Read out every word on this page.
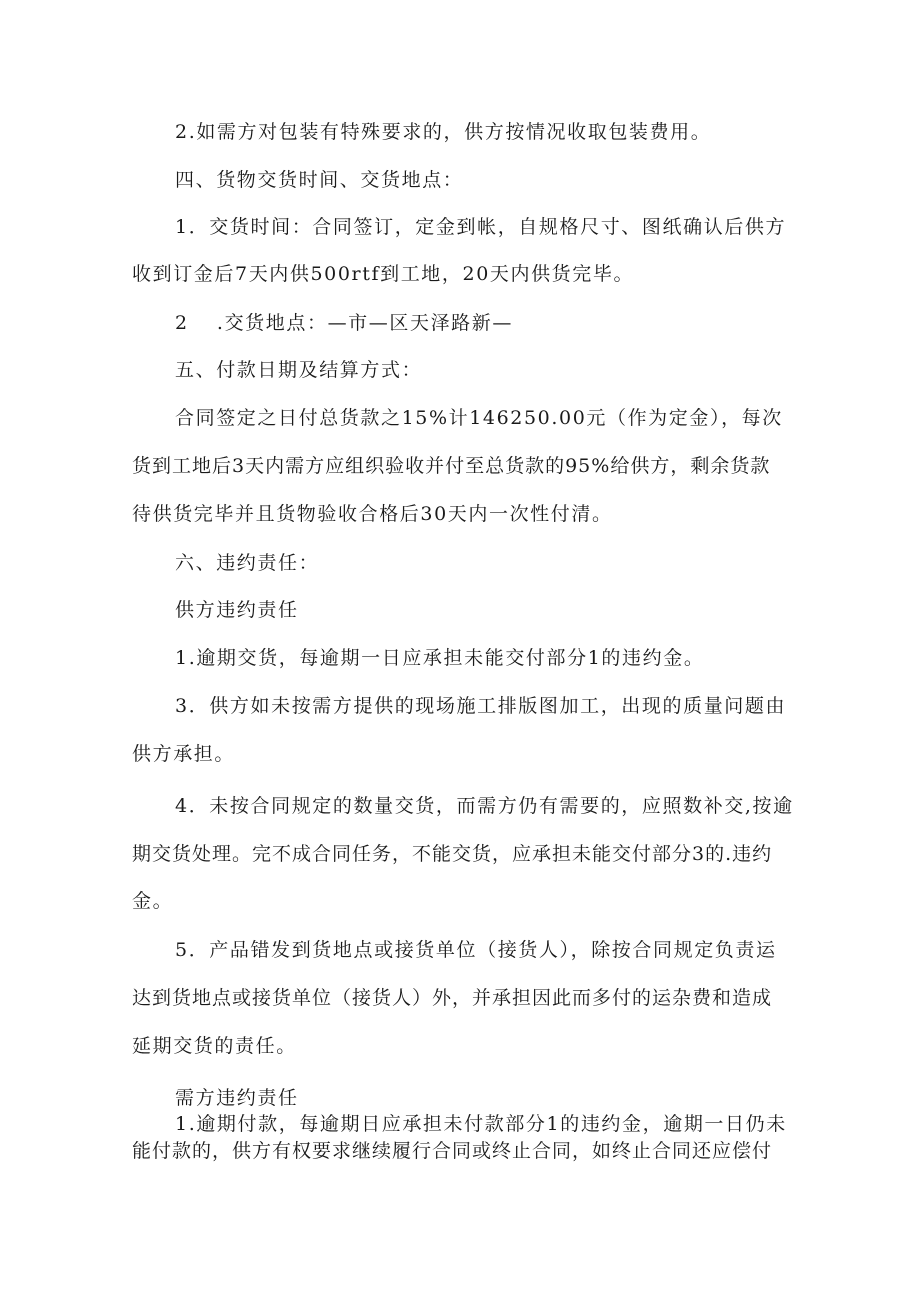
2.如需方对包装有特殊要求的，供方按情况收取包装费用。

四、货物交货时间、交货地点：

1．交货时间：合同签订，定金到帐，自规格尺寸、图纸确认后供方

收到订金后7天内供500rtf到工地，20天内供货完毕。

2　 .交货地点：—市—区天泽路新—

五、付款日期及结算方式：

合同签定之日付总货款之15%计146250.00元（作为定金），每次

货到工地后3天内需方应组织验收并付至总货款的95%给供方，剩余货款

待供货完毕并且货物验收合格后30天内一次性付清。

六、违约责任：

供方违约责任

1.逾期交货，每逾期一日应承担未能交付部分1的违约金。

3．供方如未按需方提供的现场施工排版图加工，出现的质量问题由

供方承担。

4．未按合同规定的数量交货，而需方仍有需要的，应照数补交,按逾

期交货处理。完不成合同任务，不能交货，应承担未能交付部分3的.违约

金。

5．产品错发到货地点或接货单位（接货人），除按合同规定负责运

达到货地点或接货单位（接货人）外，并承担因此而多付的运杂费和造成

延期交货的责任。

需方违约责任

1.逾期付款，每逾期日应承担未付款部分1的违约金，逾期一日仍未

能付款的，供方有权要求继续履行合同或终止合同，如终止合同还应偿付
